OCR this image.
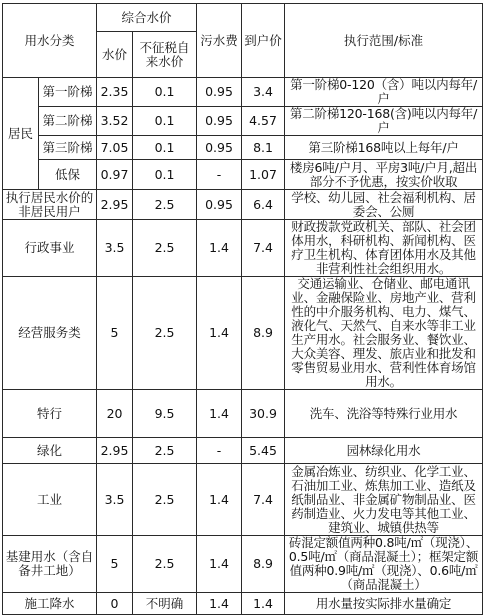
用水分类		综合水价		污水费	到户价	执行范围/标准
		水价	不征税自来水价			
居民	第一阶梯	2.35	0.1	0.95	3.4	第一阶梯0-120（含）吨以内每年/户
	第二阶梯	3.52	0.1	0.95	4.57	第二阶梯120-168(含)吨以内每年/户
	第三阶梯	7.05	0.1	0.95	8.1	第三阶梯168吨以上每年/户
	低保	0.97	0.1	-	1.07	楼房6吨/户月、平房3吨/户月,超出部分不予优惠，按实价收取
执行居民水价的非居民用户		2.95	2.5	0.95	6.4	学校、幼儿园、社会福利机构、居委会、公厕
行政事业		3.5	2.5	1.4	7.4	财政拨款党政机关、部队、社会团体用水，科研机构、新闻机构、医疗卫生机构、体育团体用水及其他非营利性社会组织用水。
经营服务类		5	2.5	1.4	8.9	交通运输业、仓储业、邮电通讯业、金融保险业、房地产业、营利性的中介服务机构、电力、煤气、液化气、天然气、自来水等非工业生产用水。社会服务业、餐饮业、大众美容、理发、旅店业和批发和零售贸易业用水、营利性体育场馆用水。
特行		20	9.5	1.4	30.9	洗车、洗浴等特殊行业用水
绿化		2.95	2.5	-	5.45	园林绿化用水
工业		3.5	2.5	1.4	7.4	金属冶炼业、纺织业、化学工业、石油加工业、炼焦加工业、造纸及纸制品业、非金属矿物制品业、医药制造业、火力发电等其他工业、建筑业、城镇供热等
基建用水（含自备井工地）		5	2.5	1.4	8.9	砖混定额值两种0.8吨/㎡（现浇）、0.5吨/㎡（商品混凝土）；框架定额值两种0.9吨/㎡（现浇）、0.6吨/㎡（商品混凝土）
施工降水		0	不明确	1.4	1.4	用水量按实际排水量确定
